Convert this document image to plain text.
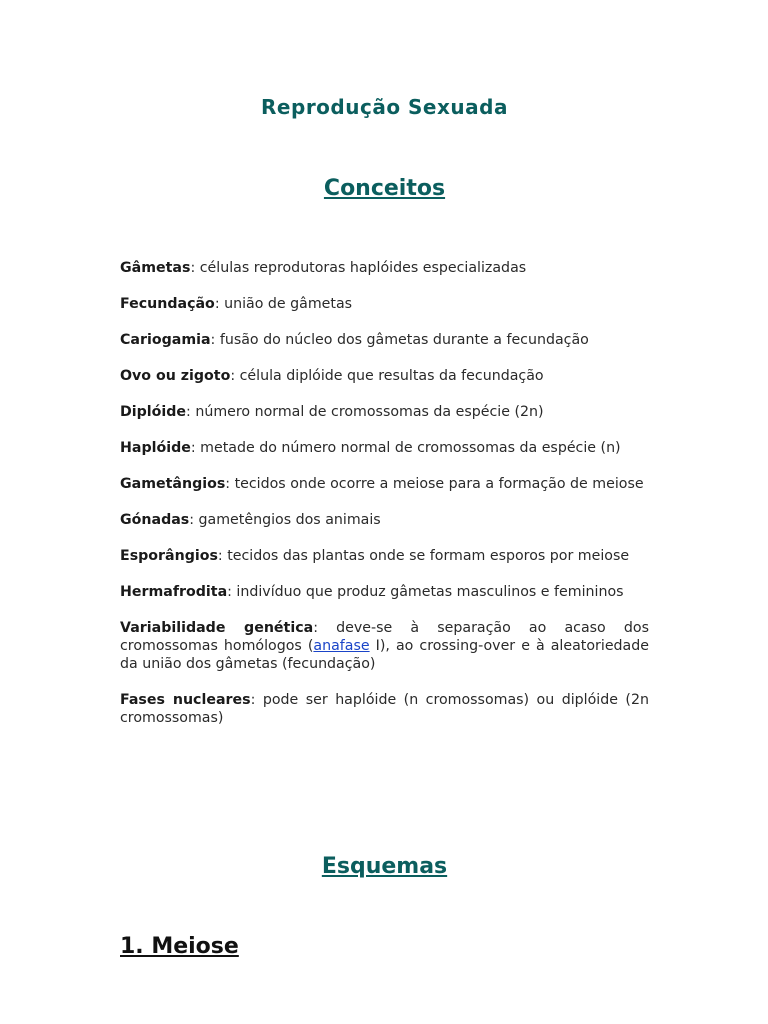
Reprodução Sexuada
Conceitos
Gâmetas: células reprodutoras haplóides especializadas
Fecundação: união de gâmetas
Cariogamia: fusão do núcleo dos gâmetas durante a fecundação
Ovo ou zigoto: célula diplóide que resultas da fecundação
Diplóide: número normal de cromossomas da espécie (2n)
Haplóide: metade do número normal de cromossomas da espécie (n)
Gametângios: tecidos onde ocorre a meiose para a formação de meiose
Gónadas: gametêngios dos animais
Esporângios: tecidos das plantas onde se formam esporos por meiose
Hermafrodita: indivíduo que produz gâmetas masculinos e femininos
Variabilidade genética: deve-se à separação ao acaso dos cromossomas homólogos (anafase I), ao crossing-over e à aleatoriedade da união dos gâmetas (fecundação)
Fases nucleares: pode ser haplóide (n cromossomas) ou diplóide (2n cromossomas)
Esquemas
1. Meiose
